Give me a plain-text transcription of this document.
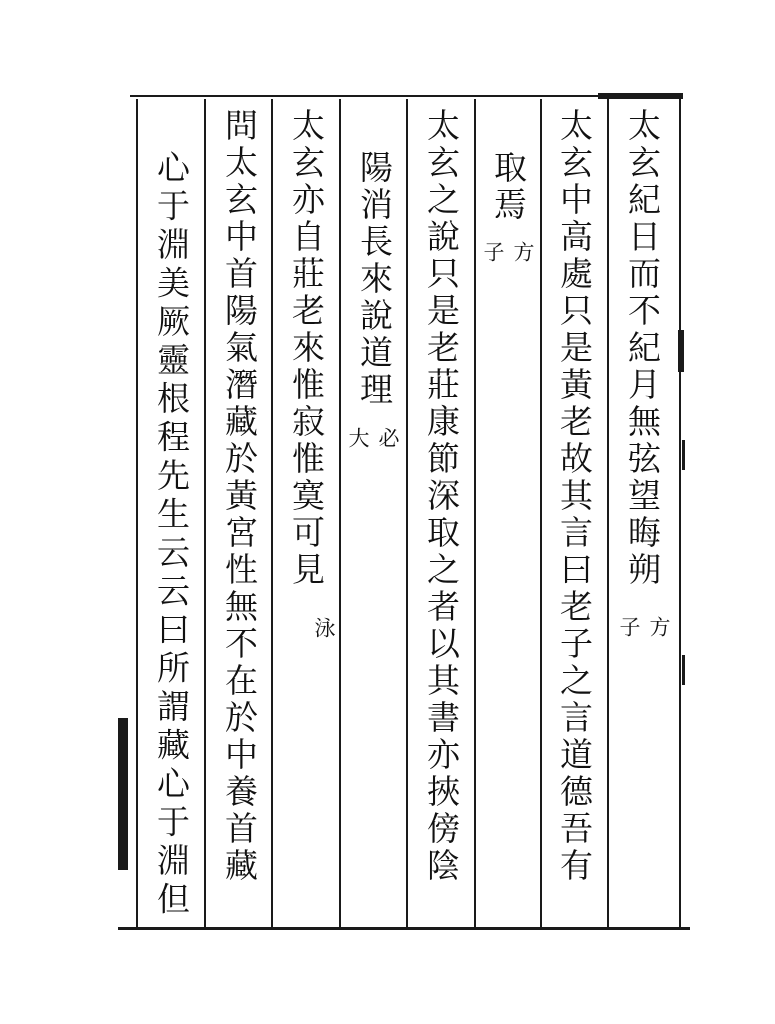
太玄紀日而不紀月無弦望晦朔
方子
太玄中高處只是黃老故其言曰老子之言道德吾有
取焉
方子
太玄之說只是老莊康節深取之者以其書亦挾傍陰
陽消長來說道理
必大
太玄亦自莊老來惟寂惟寞可見
泳
問太玄中首陽氣潛藏於黃宮性無不在於中養首藏
心于淵美厥靈根程先生云云曰所謂藏心于淵但
